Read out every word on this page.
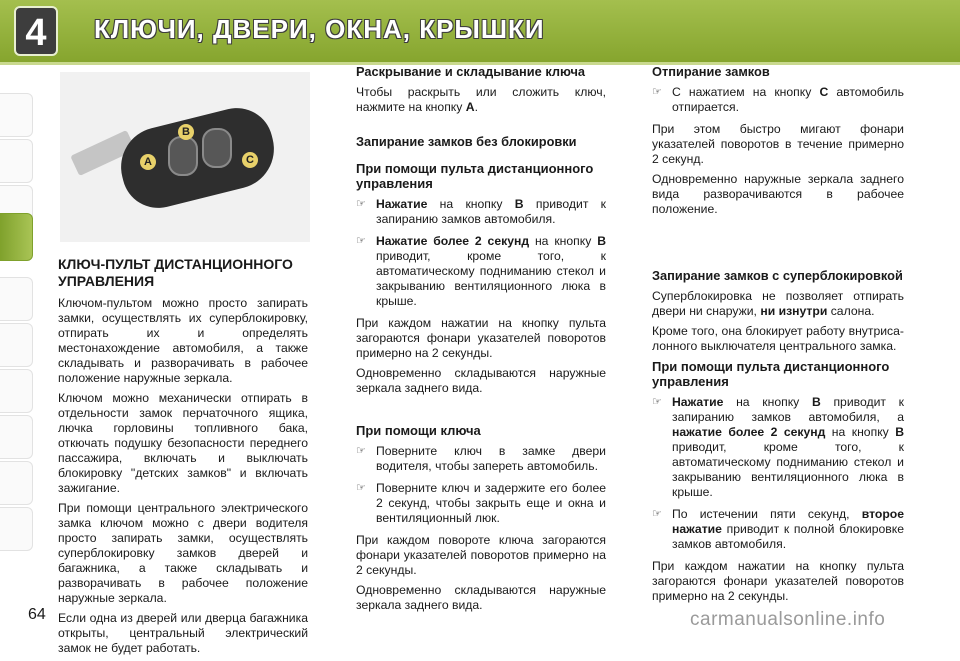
4	КЛЮЧИ, ДВЕРИ, ОКНА, КРЫШКИ
A
B
C
КЛЮЧ-ПУЛЬТ ДИСТАНЦИОННОГО УПРАВЛЕНИЯ

Ключом-пультом можно просто запирать замки, осуществлять их суперблокировку, отпирать их и определять местонахождение автомобиля, а также складывать и разворачивать в рабочее положение наружные зеркала.

Ключом можно механически отпирать в отдельности замок перчаточного ящика, лючка горловины топливного бака, откючать подушку безопасности переднего пассажира, включать и выключать блокировку "детских замков" и включать зажигание.

При помощи центрального электрического замка ключом можно с двери водителя просто запирать замки, осуществлять суперблокировку замков дверей и багажника, а также складывать и разворачивать в рабочее положение наружные зеркала.

Если одна из дверей или дверца багажника открыты, центральный электрический замок не будет работать.

Раскрывание и складывание ключа

Чтобы раскрыть или сложить ключ, нажмите на кнопку A.

Запирание замков без блокировки
При помощи пульта дистанционного управления
☞ Нажатие на кнопку B приводит к запиранию замков автомобиля.
☞ Нажатие более 2 секунд на кнопку B приводит, кроме того, к автоматическому поднимaнию стекол и закрыванию вентиляционного люка в крыше.

При каждом нажатии на кнопку пульта загораются фонари указателей поворотов примерно на 2 секунды.

Одновременно складываются наружные зеркала заднего вида.

При помощи ключа
☞ Поверните ключ в замке двери водителя, чтобы запереть автомобиль.
☞ Поверните ключ и задержите его более 2 секунд, чтобы закрыть еще и окна и вентиляционный люк.

При каждом повороте ключа загораются фонари указателей поворотов примерно на 2 секунды.

Одновременно складываются наружные зеркала заднего вида.

Отпирание замков
☞ С нажатием на кнопку C автомобиль отпирается.

При этом быстро мигают фонари указателей поворотов в течение примерно 2 секунд.

Одновременно наружные зеркала заднего вида разворачиваются в рабочее положение.

Запирание замков с суперблокировкой

Суперблокировка не позволяет отпирать двери ни снаружи, ни изнутри салона.

Кроме того, она блокирует работу внутриса-лонного выключателя центрального замка.

При помощи пульта дистанционного управления
☞ Нажатие на кнопку B приводит к запиранию замков автомобиля, а нажатие более 2 секунд на кнопку B приводит, кроме того, к автоматическому поднимaнию стекол и закрыванию вентиляционного люка в крыше.
☞ По истечении пяти секунд, второе нажатие приводит к полной блокировке замков автомобиля.

При каждом нажатии на кнопку пульта загораются фонари указателей поворотов примерно на 2 секунды.

64	carmanualsonline.info
